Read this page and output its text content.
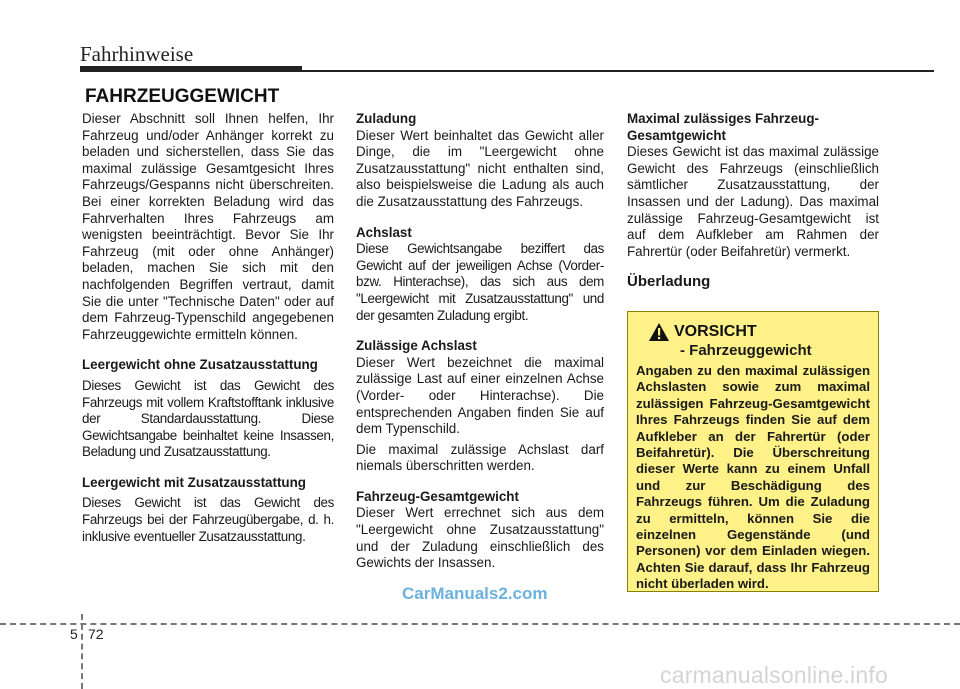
Fahrhinweise
FAHRZEUGGEWICHT

Dieser Abschnitt soll Ihnen helfen, Ihr Fahrzeug und/oder Anhänger korrekt zu beladen und sicherstellen, dass Sie das maximal zulässige Gesamtgesicht Ihres Fahrzeugs/Gespanns nicht überschreiten. Bei einer korrekten Beladung wird das Fahrverhalten Ihres Fahrzeugs am wenigsten beeinträchtigt. Bevor Sie Ihr Fahrzeug (mit oder ohne Anhänger) beladen, machen Sie sich mit den nachfolgenden Begriffen vertraut, damit Sie die unter "Technische Daten" oder auf dem Fahrzeug-Typenschild angegebenen Fahrzeuggewichte ermitteln können.

Leergewicht ohne Zusatzausstattung

Dieses Gewicht ist das Gewicht des Fahrzeugs mit vollem Kraftstofftank inklusive der Standardausstattung. Diese Gewichtsangabe beinhaltet keine Insassen, Beladung und Zusatzausstattung.

Leergewicht mit Zusatzausstattung

Dieses Gewicht ist das Gewicht des Fahrzeugs bei der Fahrzeugübergabe, d. h. inklusive eventueller Zusatzausstattung.

Zuladung

Dieser Wert beinhaltet das Gewicht aller Dinge, die im "Leergewicht ohne Zusatzausstattung" nicht enthalten sind, also beispielsweise die Ladung als auch die Zusatzausstattung des Fahrzeugs.

Achslast

Diese Gewichtsangabe beziffert das Gewicht auf der jeweiligen Achse (Vorder- bzw. Hinterachse), das sich aus dem "Leergewicht mit Zusatzausstattung" und der gesamten Zuladung ergibt.

Zulässige Achslast

Dieser Wert bezeichnet die maximal zulässige Last auf einer einzelnen Achse (Vorder- oder Hinterachse). Die entsprechenden Angaben finden Sie auf dem Typenschild.

Die maximal zulässige Achslast darf niemals überschritten werden.

Fahrzeug-Gesamtgewicht

Dieser Wert errechnet sich aus dem "Leergewicht ohne Zusatzausstattung" und der Zuladung einschließlich des Gewichts der Insassen.

Maximal zulässiges Fahrzeug-Gesamtgewicht

Dieses Gewicht ist das maximal zulässige Gewicht des Fahrzeugs (einschließlich sämtlicher Zusatzausstattung, der Insassen und der Ladung). Das maximal zulässige Fahrzeug-Gesamtgewicht ist auf dem Aufkleber am Rahmen der Fahrertür (oder Beifahretür) vermerkt.

Überladung

VORSICHT

- Fahrzeuggewicht

Angaben zu den maximal zulässigen Achslasten sowie zum maximal zulässigen Fahrzeug-Gesamtgewicht Ihres Fahrzeugs finden Sie auf dem Aufkleber an der Fahrertür (oder Beifahretür). Die Überschreitung dieser Werte kann zu einem Unfall und zur Beschädigung des Fahrzeugs führen. Um die Zuladung zu ermitteln, können Sie die einzelnen Gegenstände (und Personen) vor dem Einladen wiegen. Achten Sie darauf, dass Ihr Fahrzeug nicht überladen wird.

CarManuals2.com
5 72
carmanualsonline.info
